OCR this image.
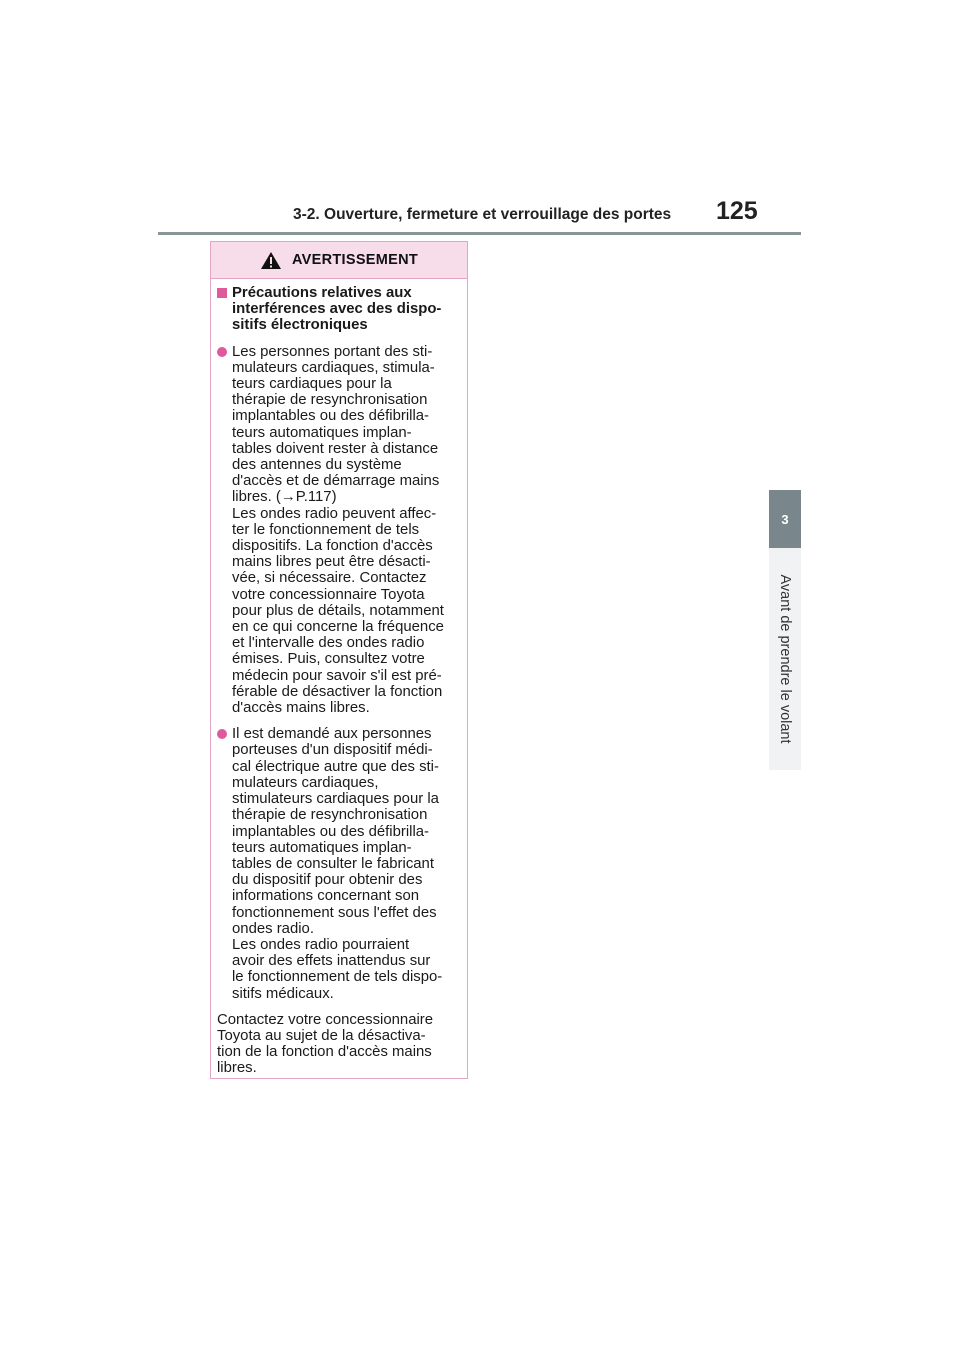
3-2. Ouverture, fermeture et verrouillage des portes 125
3
Avant de prendre le volant
AVERTISSEMENT
Précautions relatives aux
interférences avec des dispo-
sitifs électroniques
Les personnes portant des sti-
mulateurs cardiaques, stimula-
teurs cardiaques pour la
thérapie de resynchronisation
implantables ou des défibrilla-
teurs automatiques implan-
tables doivent rester à distance
des antennes du système
d'accès et de démarrage mains
libres. (→P.117)
Les ondes radio peuvent affec-
ter le fonctionnement de tels
dispositifs. La fonction d'accès
mains libres peut être désacti-
vée, si nécessaire. Contactez
votre concessionnaire Toyota
pour plus de détails, notamment
en ce qui concerne la fréquence
et l'intervalle des ondes radio
émises. Puis, consultez votre
médecin pour savoir s'il est pré-
férable de désactiver la fonction
d'accès mains libres.
Il est demandé aux personnes
porteuses d'un dispositif médi-
cal électrique autre que des sti-
mulateurs cardiaques,
stimulateurs cardiaques pour la
thérapie de resynchronisation
implantables ou des défibrilla-
teurs automatiques implan-
tables de consulter le fabricant
du dispositif pour obtenir des
informations concernant son
fonctionnement sous l'effet des
ondes radio.
Les ondes radio pourraient
avoir des effets inattendus sur
le fonctionnement de tels dispo-
sitifs médicaux.
Contactez votre concessionnaire
Toyota au sujet de la désactiva-
tion de la fonction d'accès mains
libres.
